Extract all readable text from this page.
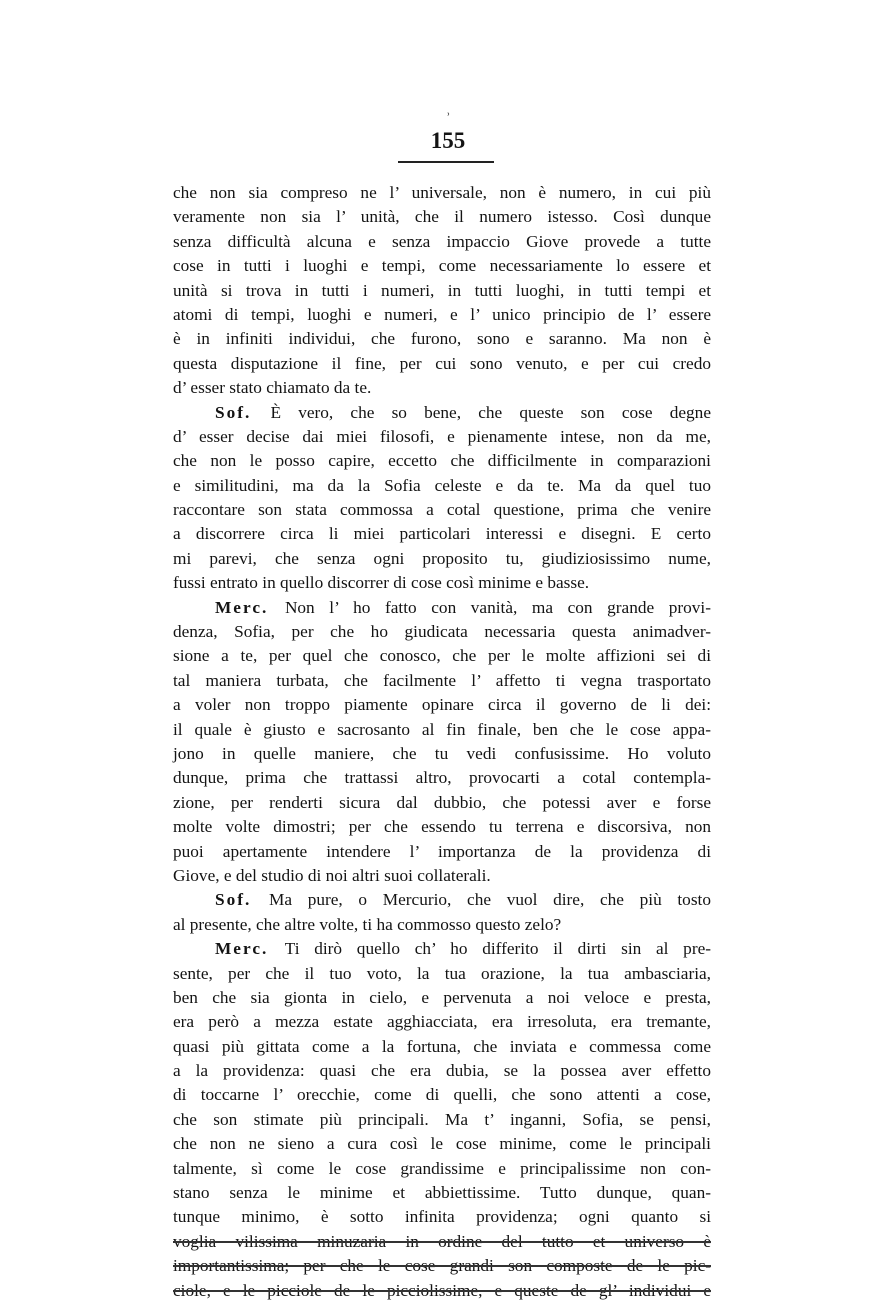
ʾ
155
che non sia compreso ne l’ universale, non è numero, in cui più
veramente non sia l’ unità, che il numero istesso. Così dunque
senza difficultà alcuna e senza impaccio Giove provede a tutte
cose in tutti i luoghi e tempi, come necessariamente lo essere et
unità si trova in tutti i numeri, in tutti luoghi, in tutti tempi et
atomi di tempi, luoghi e numeri, e l’ unico principio de l’ essere
è in infiniti individui, che furono, sono e saranno. Ma non è
questa disputazione il fine, per cui sono venuto, e per cui credo
d’ esser stato chiamato da te.
Sof. È vero, che so bene, che queste son cose degne
d’ esser decise dai miei filosofi, e pienamente intese, non da me,
che non le posso capire, eccetto che difficilmente in comparazioni
e similitudini, ma da la Sofia celeste e da te. Ma da quel tuo
raccontare son stata commossa a cotal questione, prima che venire
a discorrere circa li miei particolari interessi e disegni. E certo
mi parevi, che senza ogni proposito tu, giudiziosissimo nume,
fussi entrato in quello discorrer di cose così minime e basse.
Merc. Non l’ ho fatto con vanità, ma con grande provi-
denza, Sofia, per che ho giudicata necessaria questa animadver-
sione a te, per quel che conosco, che per le molte affizioni sei di
tal maniera turbata, che facilmente l’ affetto ti vegna trasportato
a voler non troppo piamente opinare circa il governo de li dei:
il quale è giusto e sacrosanto al fin finale, ben che le cose appa-
jono in quelle maniere, che tu vedi confusissime. Ho voluto
dunque, prima che trattassi altro, provocarti a cotal contempla-
zione, per renderti sicura dal dubbio, che potessi aver e forse
molte volte dimostri; per che essendo tu terrena e discorsiva, non
puoi apertamente intendere l’ importanza de la providenza di
Giove, e del studio di noi altri suoi collaterali.
Sof. Ma pure, o Mercurio, che vuol dire, che più tosto
al presente, che altre volte, ti ha commosso questo zelo?
Merc. Ti dirò quello ch’ ho differito il dirti sin al pre-
sente, per che il tuo voto, la tua orazione, la tua ambasciaria,
ben che sia gionta in cielo, e pervenuta a noi veloce e presta,
era però a mezza estate agghiacciata, era irresoluta, era tremante,
quasi più gittata come a la fortuna, che inviata e commessa come
a la providenza: quasi che era dubia, se la possea aver effetto
di toccarne l’ orecchie, come di quelli, che sono attenti a cose,
che son stimate più principali. Ma t’ inganni, Sofia, se pensi,
che non ne sieno a cura così le cose minime, come le principali
talmente, sì come le cose grandissime e principalissime non con-
stano senza le minime et abbiettissime. Tutto dunque, quan-
tunque minimo, è sotto infinita providenza; ogni quanto si
voglia vilissima minuzaria in ordine del tutto et universo è
importantissima; per che le cose grandi son composte de le pic-
ciole, e le picciole de le picciolissime, e queste de gl’ individui e
